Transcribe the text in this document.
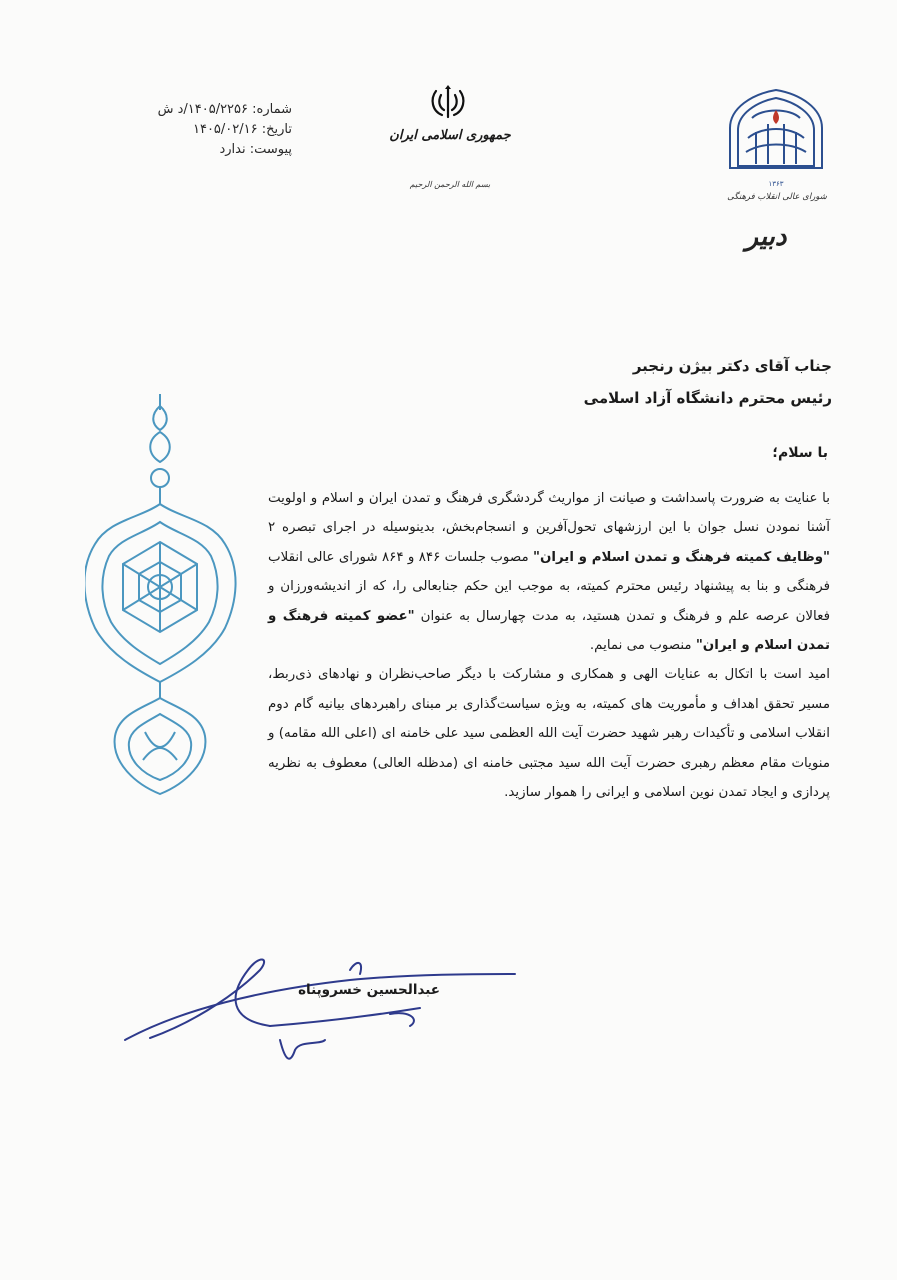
شماره: ۱۴۰۵/۲۲۵۶/د ش
تاریخ: ۱۴۰۵/۰۲/۱۶
پیوست: ندارد
جمهوری اسلامی ایران
بسم الله الرحمن الرحیم	۱۳۶۳
شورای عالی انقلاب فرهنگی
دبیر
جناب آقای دکتر بیژن رنجبر
رئیس محترم دانشگاه آزاد اسلامی
با سلام؛

با عنایت به ضرورت پاسداشت و صیانت از مواریث گردشگری فرهنگ و تمدن ایران و اسلام و اولویت آشنا نمودن نسل جوان با این ارزشهای تحول‌آفرین و انسجام‌بخش، بدینوسیله در اجرای تبصره ۲ "وظایف کمیته فرهنگ و تمدن اسلام و ایران" مصوب جلسات ۸۴۶ و ۸۶۴ شورای عالی انقلاب فرهنگی و بنا به پیشنهاد رئیس محترم کمیته، به موجب این حکم جنابعالی را، که از اندیشه‌ورزان و فعالان عرصه علم و فرهنگ و تمدن هستید، به مدت چهارسال به عنوان "عضو کمیته فرهنگ و تمدن اسلام و ایران" منصوب می نمایم.

امید است با اتکال به عنایات الهی و همکاری و مشارکت با دیگر صاحب‌نظران و نهادهای ذی‌ربط، مسیر تحقق اهداف و مأموریت های کمیته، به ویژه سیاست‌گذاری بر مبنای راهبردهای بیانیه گام دوم انقلاب اسلامی و تأکیدات رهبر شهید حضرت آیت الله العظمی سید علی خامنه ای (اعلی الله مقامه) و منویات مقام معظم رهبری حضرت آیت الله سید مجتبی خامنه ای (مدظله العالی) معطوف به نظریه پردازی و ایجاد تمدن نوین اسلامی و ایرانی را هموار سازید.

عبدالحسین خسروپناه
